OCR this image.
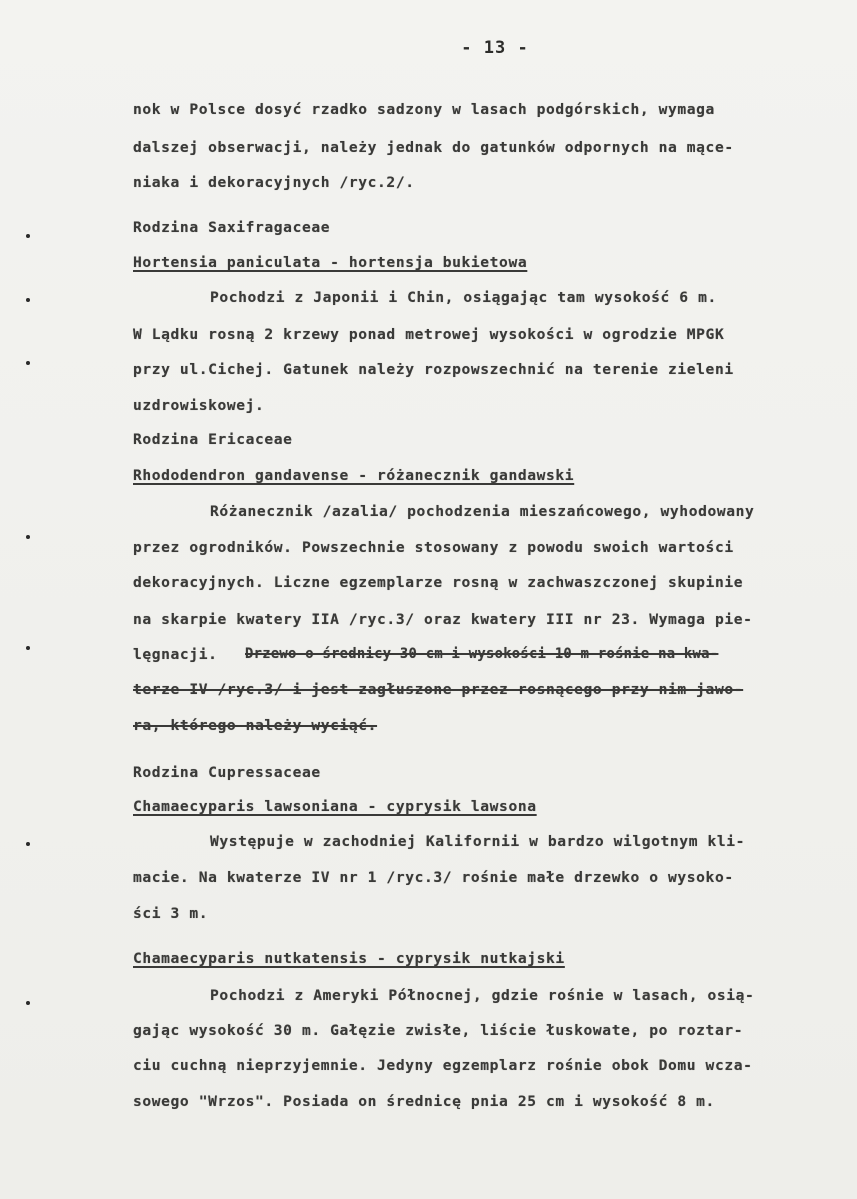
- 13 -
nok w Polsce dosyć rzadko sadzony w lasach podgórskich, wymaga
dalszej obserwacji, należy jednak do gatunków odpornych na mące-
niaka i dekoracyjnych /ryc.2/.
Rodzina Saxifragaceae
Hortensia paniculata - hortensja bukietowa
Pochodzi z Japonii i Chin, osiągając tam wysokość 6 m.
W Lądku rosną 2 krzewy ponad metrowej wysokości w ogrodzie MPGK
przy ul.Cichej. Gatunek należy rozpowszechnić na terenie zieleni
uzdrowiskowej.
Rodzina Ericaceae
Rhododendron gandavense - różanecznik gandawski
Różanecznik /azalia/ pochodzenia mieszańcowego, wyhodowany
przez ogrodników. Powszechnie stosowany z powodu swoich wartości
dekoracyjnych. Liczne egzemplarze rosną w zachwaszczonej skupinie
na skarpie kwatery IIA /ryc.3/ oraz kwatery III nr 23. Wymaga pie-
lęgnacji. Drzewo o średnicy 30 cm i wysokości 10 m rośnie na kwa-
terze IV /ryc.3/ i jest zagłuszone przez rosnącego przy nim jawo-
ra, którego należy wyciąć.
Rodzina Cupressaceae
Chamaecyparis lawsoniana - cyprysik lawsona
Występuje w zachodniej Kalifornii w bardzo wilgotnym kli-
macie. Na kwaterze IV nr 1 /ryc.3/ rośnie małe drzewko o wysoko-
ści 3 m.
Chamaecyparis nutkatensis - cyprysik nutkajski
Pochodzi z Ameryki Północnej, gdzie rośnie w lasach, osią-
gając wysokość 30 m. Gałęzie zwisłe, liście łuskowate, po roztar-
ciu cuchną nieprzyjemnie. Jedyny egzemplarz rośnie obok Domu wcza-
sowego "Wrzos". Posiada on średnicę pnia 25 cm i wysokość 8 m.
